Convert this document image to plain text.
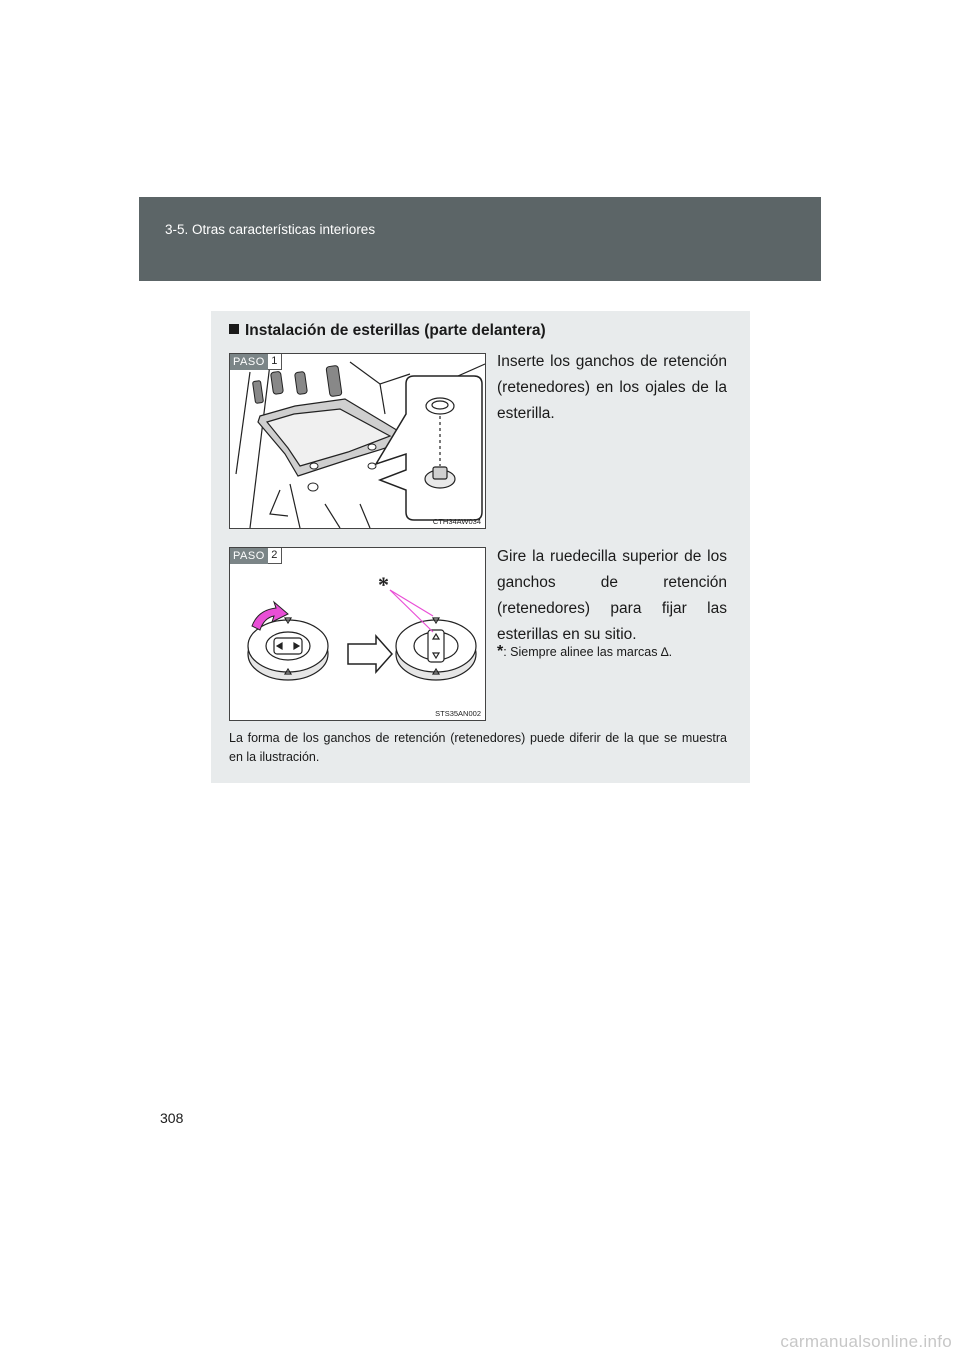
3-5. Otras características interiores
Instalación de esterillas (parte delantera)
PASO 1
CTH34AW034
Inserte los ganchos de retención (retenedores) en los ojales de la esterilla.
*
PASO 2
STS35AN002
Gire la ruedecilla superior de los ganchos de retención (retenedores) para fijar las esterillas en su sitio.
*: Siempre alinee las marcas ∆.
La forma de los ganchos de retención (retenedores) puede diferir de la que se muestra en la ilustración.
308
carmanualsonline.info
